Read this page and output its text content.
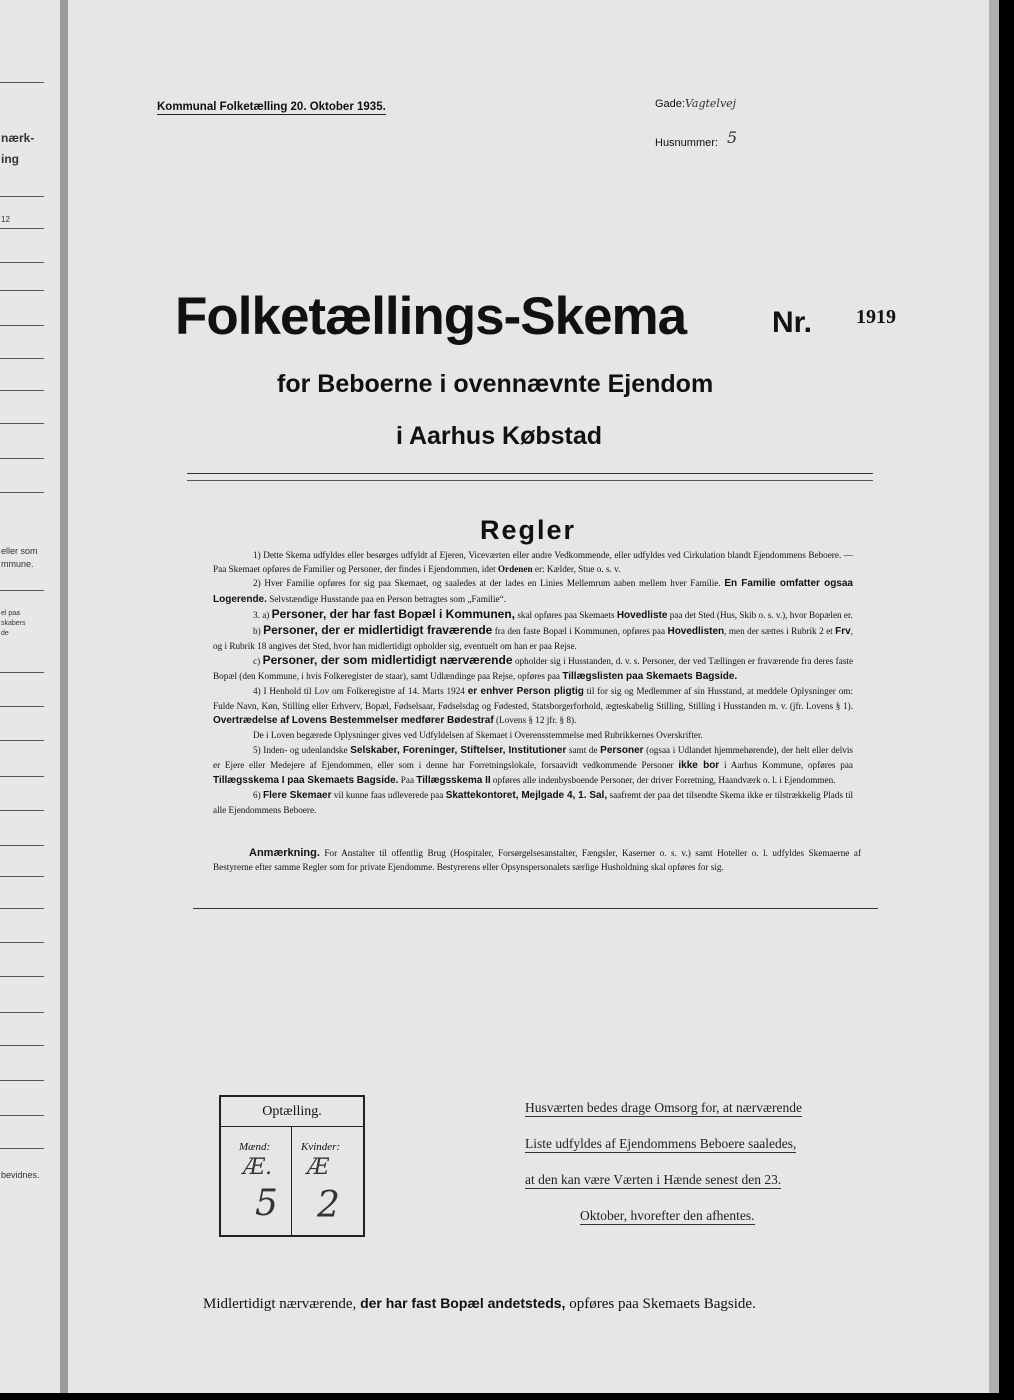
nærk-
ing
12
eller som
mmune.
el paa
skabers
de
bevidnes.
Kommunal Folketælling 20. Oktober 1935.	Gade:Vagtelvej
Husnummer: 5
Folketællings-Skema	Nr. 1919
for Beboerne i ovennævnte Ejendom
i Aarhus Købstad
Regler

1) Dette Skema udfyldes eller besørges udfyldt af Ejeren, Viceværten eller andre Vedkommende, eller udfyldes ved Cirkulation blandt Ejendommens Beboere. — Paa Skemaet opføres de Familier og Personer, der findes i Ejendommen, idet Ordenen er: Kælder, Stue o. s. v.

2) Hver Familie opføres for sig paa Skemaet, og saaledes at der lades en Linies Mellemrum aaben mellem hver Familie. En Familie omfatter ogsaa Logerende. Selvstændige Husstande paa en Person betragtes som „Familie“.

3. a) Personer, der har fast Bopæl i Kommunen, skal opføres paa Skemaets Hovedliste paa det Sted (Hus, Skib o. s. v.), hvor Bopælen er.

b) Personer, der er midlertidigt fraværende fra den faste Bopæl i Kommunen, opføres paa Hovedlisten, men der sættes i Rubrik 2 et Frv, og i Rubrik 18 angives det Sted, hvor han midlertidigt opholder sig, eventuelt om han er paa Rejse.

c) Personer, der som midlertidigt nærværende opholder sig i Husstanden, d. v. s. Personer, der ved Tællingen er fraværende fra deres faste Bopæl (den Kommune, i hvis Folkeregister de staar), samt Udlændinge paa Rejse, opføres paa Tillægslisten paa Skemaets Bagside.

4) I Henhold til Lov om Folkeregistre af 14. Marts 1924 er enhver Person pligtig til for sig og Medlemmer af sin Husstand, at meddele Oplysninger om: Fulde Navn, Køn, Stilling eller Erhverv, Bopæl, Fødselsaar, Fødselsdag og Fødested, Statsborgerforhold, ægteskabelig Stilling, Stilling i Husstanden m. v. (jfr. Lovens § 1). Overtrædelse af Lovens Bestemmelser medfører Bødestraf (Lovens § 12 jfr. § 8).

De i Loven begærede Oplysninger gives ved Udfyldelsen af Skemaet i Overensstemmelse med Rubrikkernes Overskrifter.

5) Inden- og udenlandske Selskaber, Foreninger, Stiftelser, Institutioner samt de Personer (ogsaa i Udlandet hjemmehørende), der helt eller delvis er Ejere eller Medejere af Ejendommen, eller som i denne har Forretningslokale, forsaavidt vedkommende Personer ikke bor i Aarhus Kommune, opføres paa Tillægsskema I paa Skemaets Bagside. Paa Tillægsskema II opføres alle indenbysboende Personer, der driver Forretning, Haandværk o. l. i Ejendommen.

6) Flere Skemaer vil kunne faas udleverede paa Skattekontoret, Mejlgade 4, 1. Sal, saafremt der paa det tilsendte Skema ikke er tilstrækkelig Plads til alle Ejendommens Beboere.

Anmærkning. For Anstalter til offentlig Brug (Hospitaler, Forsørgelsesanstalter, Fængsler, Kaserner o. s. v.) samt Hoteller o. l. udfyldes Skemaerne af Bestyrerne efter samme Regler som for private Ejendomme. Bestyrerens eller Opsynspersonalets særlige Husholdning skal opføres for sig.
Optælling.
Mænd:	Kvinder:
Æ. Æ
5 2
Husværten bedes drage Omsorg for, at nærværende
Liste udfyldes af Ejendommens Beboere saaledes,
at den kan være Værten i Hænde senest den 23.
Oktober, hvorefter den afhentes.
Midlertidigt nærværende, der har fast Bopæl andetsteds, opføres paa Skemaets Bagside.
